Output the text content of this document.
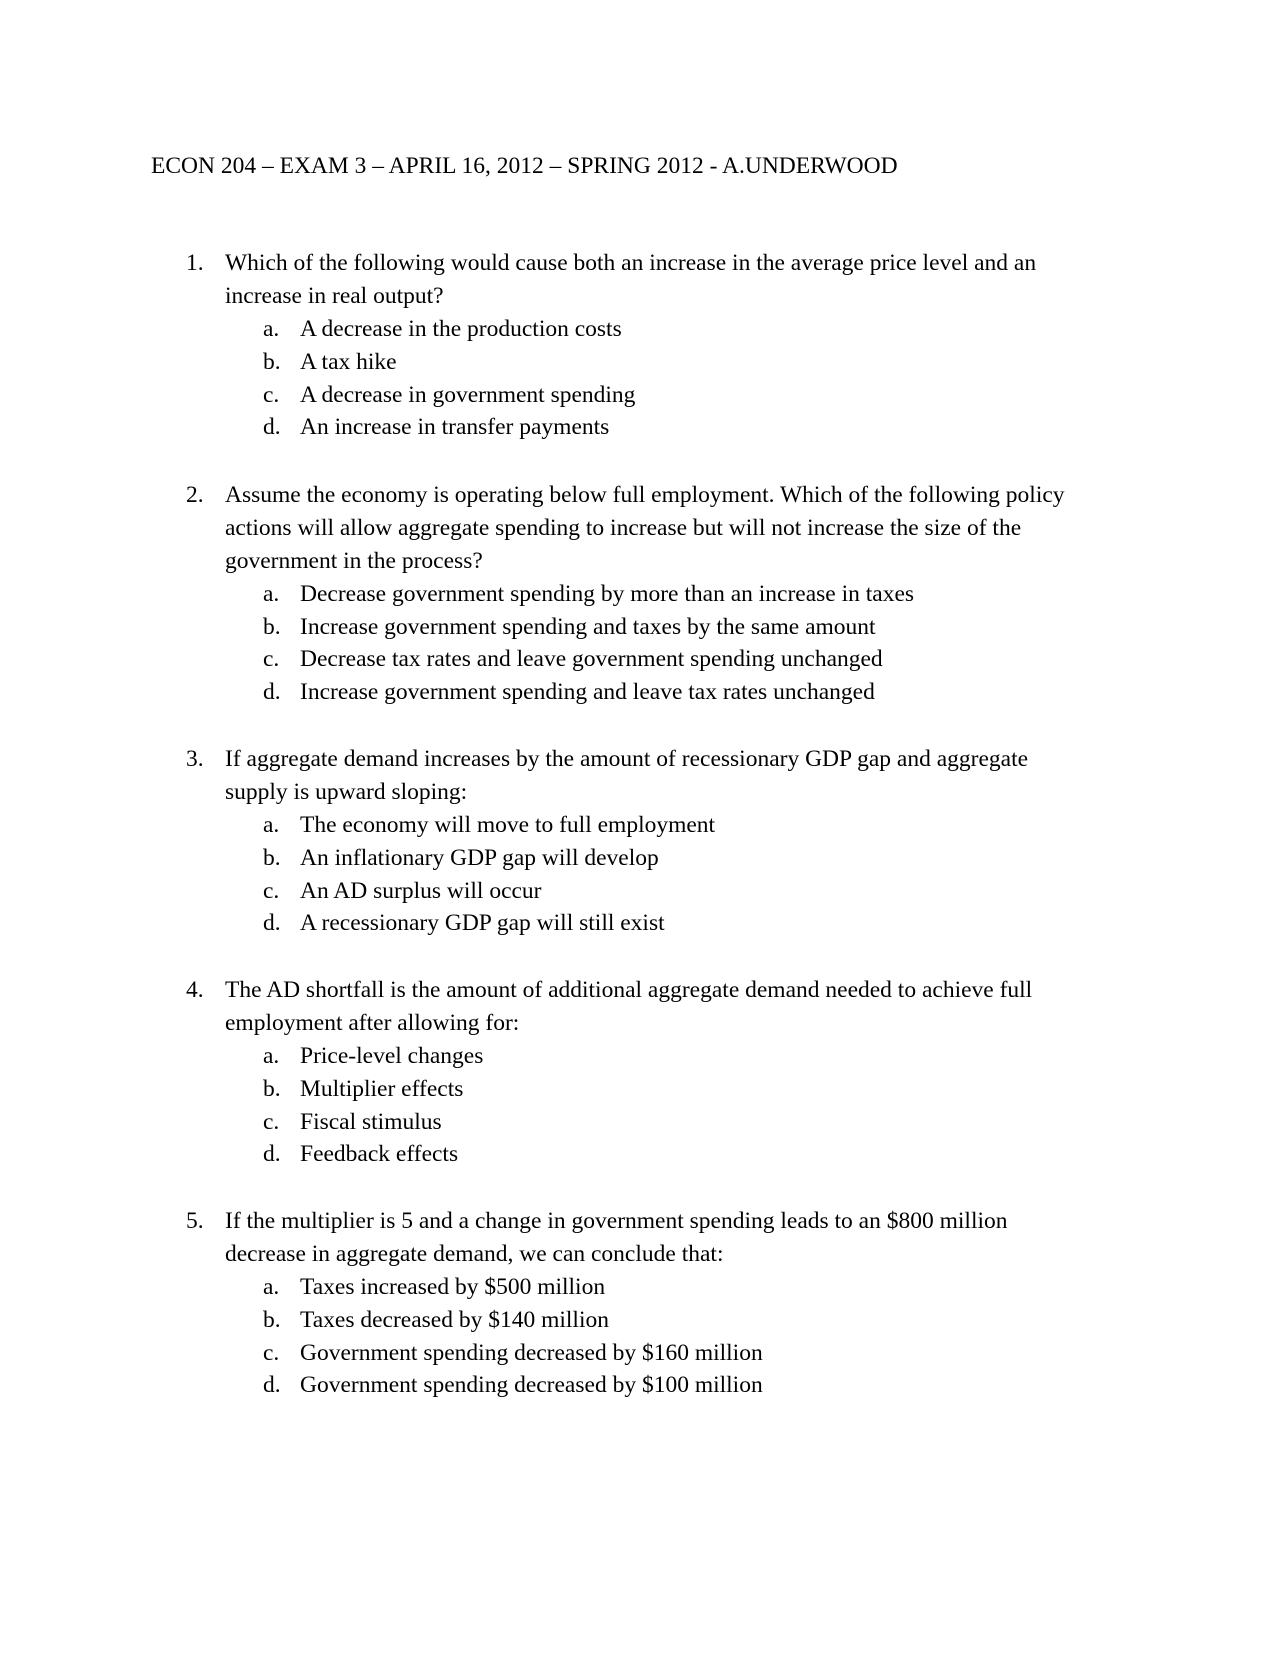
ECON 204 – EXAM 3 – APRIL 16, 2012 – SPRING 2012 - A.UNDERWOOD
1. Which of the following would cause both an increase in the average price level and an
increase in real output?
a. A decrease in the production costs
b. A tax hike
c. A decrease in government spending
d. An increase in transfer payments
2. Assume the economy is operating below full employment. Which of the following policy
actions will allow aggregate spending to increase but will not increase the size of the
government in the process?
a. Decrease government spending by more than an increase in taxes
b. Increase government spending and taxes by the same amount
c. Decrease tax rates and leave government spending unchanged
d. Increase government spending and leave tax rates unchanged
3. If aggregate demand increases by the amount of recessionary GDP gap and aggregate
supply is upward sloping:
a. The economy will move to full employment
b. An inflationary GDP gap will develop
c. An AD surplus will occur
d. A recessionary GDP gap will still exist
4. The AD shortfall is the amount of additional aggregate demand needed to achieve full
employment after allowing for:
a. Price-level changes
b. Multiplier effects
c. Fiscal stimulus
d. Feedback effects
5. If the multiplier is 5 and a change in government spending leads to an $800 million
decrease in aggregate demand, we can conclude that:
a. Taxes increased by $500 million
b. Taxes decreased by $140 million
c. Government spending decreased by $160 million
d. Government spending decreased by $100 million
